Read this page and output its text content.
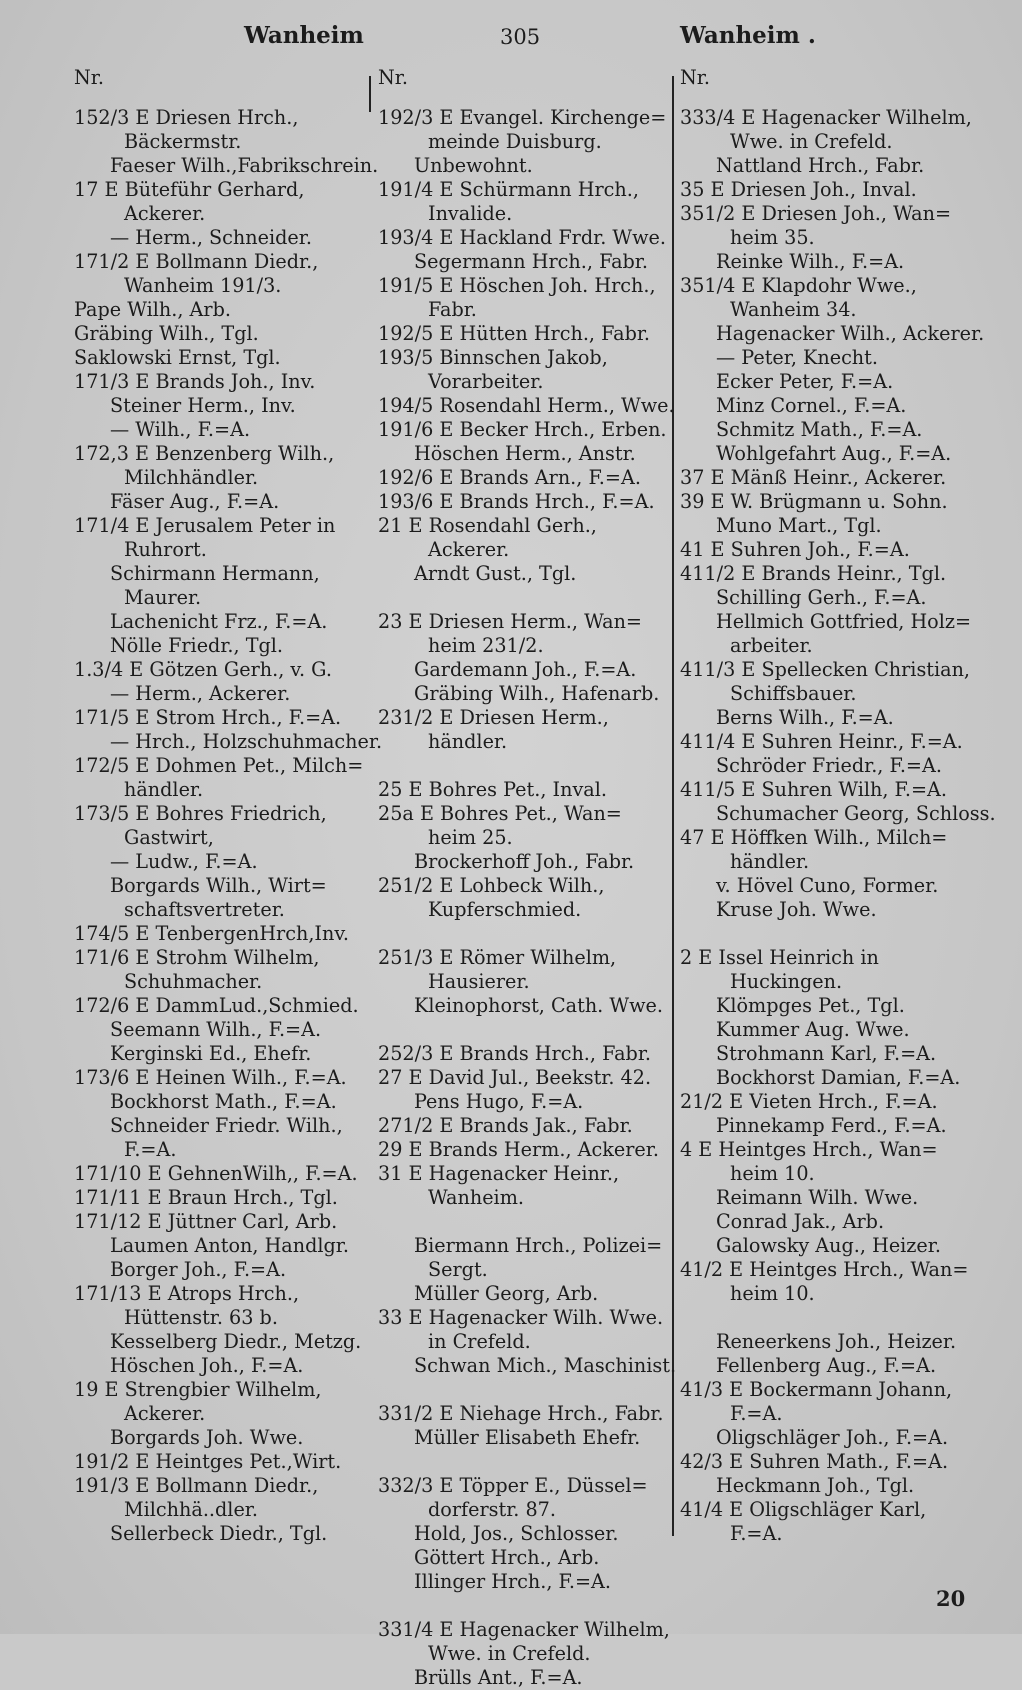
Wanheim	305	Wanheim .
Nr.
152/3 E Driesen Hrch.,
Bäckermstr.
Faeser Wilh.,Fabrikschrein.
17 E Büteführ Gerhard,
Ackerer.
— Herm., Schneider.
171/2 E Bollmann Diedr.,
Wanheim 191/3.
Pape Wilh., Arb.
Gräbing Wilh., Tgl.
Saklowski Ernst, Tgl.
171/3 E Brands Joh., Inv.
Steiner Herm., Inv.
— Wilh., F.=A.
172,3 E Benzenberg Wilh.,
Milchhändler.
Fäser Aug., F.=A.
171/4 E Jerusalem Peter in
Ruhrort.
Schirmann Hermann,
Maurer.
Lachenicht Frz., F.=A.
Nölle Friedr., Tgl.
1.3/4 E Götzen Gerh., v. G.
— Herm., Ackerer.
171/5 E Strom Hrch., F.=A.
— Hrch., Holzschuhmacher.
172/5 E Dohmen Pet., Milch=
händler.
173/5 E Bohres Friedrich,
Gastwirt,
— Ludw., F.=A.
Borgards Wilh., Wirt=
schaftsvertreter.
174/5 E TenbergenHrch,Inv.
171/6 E Strohm Wilhelm,
Schuhmacher.
172/6 E DammLud.,Schmied.
Seemann Wilh., F.=A.
Kerginski Ed., Ehefr.
173/6 E Heinen Wilh., F.=A.
Bockhorst Math., F.=A.
Schneider Friedr. Wilh.,
F.=A.
171/10 E GehnenWilh,, F.=A.
171/11 E Braun Hrch., Tgl.
171/12 E Jüttner Carl, Arb.
Laumen Anton, Handlgr.
Borger Joh., F.=A.
171/13 E Atrops Hrch.,
Hüttenstr. 63 b.
Kesselberg Diedr., Metzg.
Höschen Joh., F.=A.
19 E Strengbier Wilhelm,
Ackerer.
Borgards Joh. Wwe.
191/2 E Heintges Pet.,Wirt.
191/3 E Bollmann Diedr.,
Milchhä..dler.
Sellerbeck Diedr., Tgl.
Nr.
192/3 E Evangel. Kirchenge=
meinde Duisburg.
Unbewohnt.
191/4 E Schürmann Hrch.,
Invalide.
193/4 E Hackland Frdr. Wwe.
Segermann Hrch., Fabr.
191/5 E Höschen Joh. Hrch.,
Fabr.
192/5 E Hütten Hrch., Fabr.
193/5 Binnschen Jakob,
Vorarbeiter.
194/5 Rosendahl Herm., Wwe.
191/6 E Becker Hrch., Erben.
Höschen Herm., Anstr.
192/6 E Brands Arn., F.=A.
193/6 E Brands Hrch., F.=A.
21 E Rosendahl Gerh.,
Ackerer.
Arndt Gust., Tgl.
23 E Driesen Herm., Wan=
heim 231/2.
Gardemann Joh., F.=A.
Gräbing Wilh., Hafenarb.
231/2 E Driesen Herm.,
händler.
25 E Bohres Pet., Inval.
25a E Bohres Pet., Wan=
heim 25.
Brockerhoff Joh., Fabr.
251/2 E Lohbeck Wilh.,
Kupferschmied.
251/3 E Römer Wilhelm,
Hausierer.
Kleinophorst, Cath. Wwe.
252/3 E Brands Hrch., Fabr.
27 E David Jul., Beekstr. 42.
Pens Hugo, F.=A.
271/2 E Brands Jak., Fabr.
29 E Brands Herm., Ackerer.
31 E Hagenacker Heinr.,
Wanheim.
Biermann Hrch., Polizei=
Sergt.
Müller Georg, Arb.
33 E Hagenacker Wilh. Wwe.
in Crefeld.
Schwan Mich., Maschinist.
331/2 E Niehage Hrch., Fabr.
Müller Elisabeth Ehefr.
332/3 E Töpper E., Düssel=
dorferstr. 87.
Hold, Jos., Schlosser.
Göttert Hrch., Arb.
Illinger Hrch., F.=A.
331/4 E Hagenacker Wilhelm,
Wwe. in Crefeld.
Brülls Ant., F.=A.
Nr.
333/4 E Hagenacker Wilhelm,
Wwe. in Crefeld.
Nattland Hrch., Fabr.
35 E Driesen Joh., Inval.
351/2 E Driesen Joh., Wan=
heim 35.
Reinke Wilh., F.=A.
351/4 E Klapdohr Wwe.,
Wanheim 34.
Hagenacker Wilh., Ackerer.
— Peter, Knecht.
Ecker Peter, F.=A.
Minz Cornel., F.=A.
Schmitz Math., F.=A.
Wohlgefahrt Aug., F.=A.
37 E Mänß Heinr., Ackerer.
39 E W. Brügmann u. Sohn.
Muno Mart., Tgl.
41 E Suhren Joh., F.=A.
411/2 E Brands Heinr., Tgl.
Schilling Gerh., F.=A.
Hellmich Gottfried, Holz=
arbeiter.
411/3 E Spellecken Christian,
Schiffsbauer.
Berns Wilh., F.=A.
411/4 E Suhren Heinr., F.=A.
Schröder Friedr., F.=A.
411/5 E Suhren Wilh, F.=A.
Schumacher Georg, Schloss.
47 E Höffken Wilh., Milch=
händler.
v. Hövel Cuno, Former.
Kruse Joh. Wwe.
2 E Issel Heinrich in
Huckingen.
Klömpges Pet., Tgl.
Kummer Aug. Wwe.
Strohmann Karl, F.=A.
Bockhorst Damian, F.=A.
21/2 E Vieten Hrch., F.=A.
Pinnekamp Ferd., F.=A.
4 E Heintges Hrch., Wan=
heim 10.
Reimann Wilh. Wwe.
Conrad Jak., Arb.
Galowsky Aug., Heizer.
41/2 E Heintges Hrch., Wan=
heim 10.
Reneerkens Joh., Heizer.
Fellenberg Aug., F.=A.
41/3 E Bockermann Johann,
F.=A.
Oligschläger Joh., F.=A.
42/3 E Suhren Math., F.=A.
Heckmann Joh., Tgl.
41/4 E Oligschläger Karl,
F.=A.
20
